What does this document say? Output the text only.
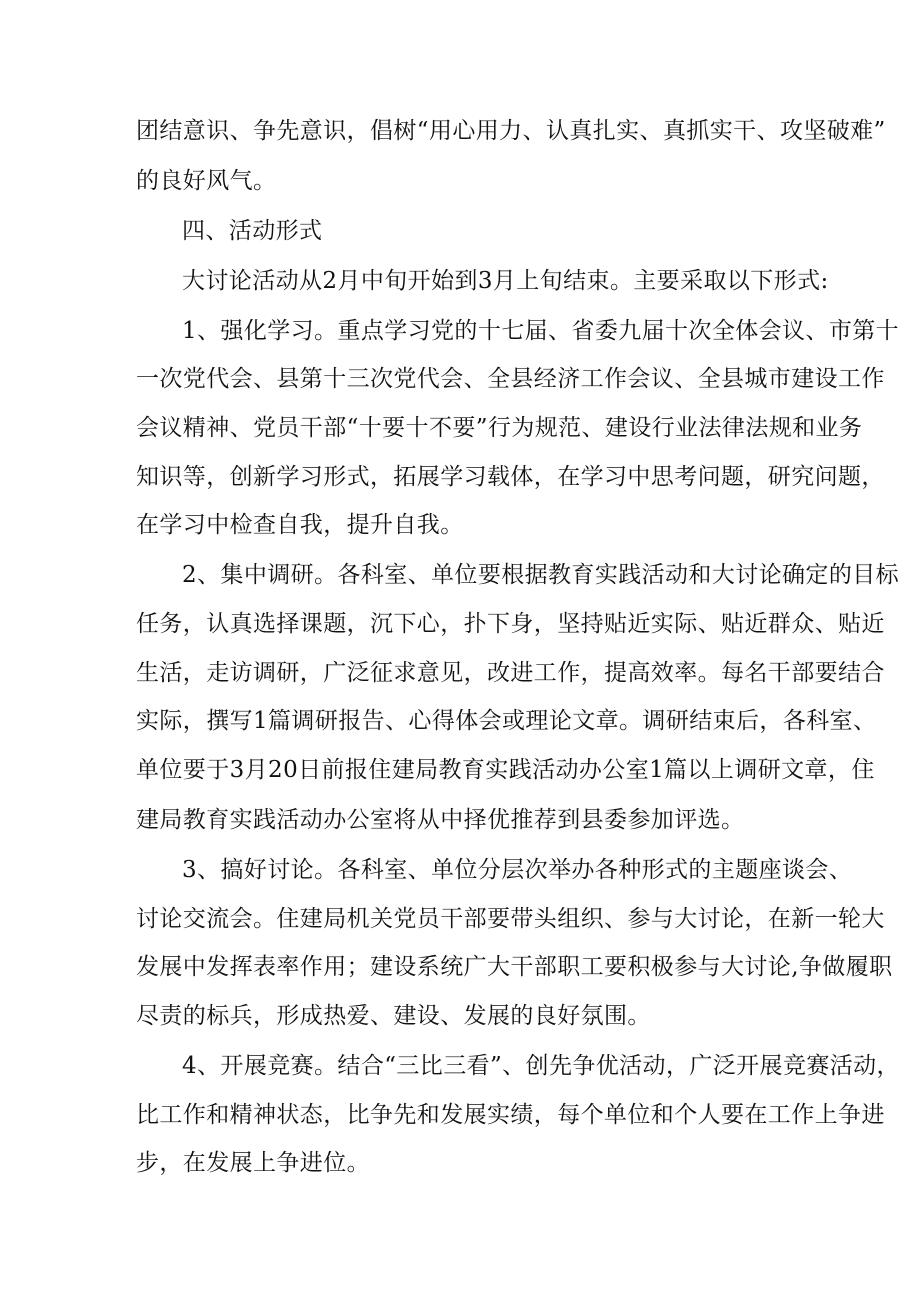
团结意识、争先意识，倡树“用心用力、认真扎实、真抓实干、攻坚破难”
的良好风气。
四、活动形式
大讨论活动从2月中旬开始到3月上旬结束。主要采取以下形式:
1、强化学习。重点学习党的十七届、省委九届十次全体会议、市第十
一次党代会、县第十三次党代会、全县经济工作会议、全县城市建设工作
会议精神、党员干部“十要十不要”行为规范、建设行业法律法规和业务
知识等，创新学习形式，拓展学习载体，在学习中思考问题，研究问题，
在学习中检查自我，提升自我。
2、集中调研。各科室、单位要根据教育实践活动和大讨论确定的目标
任务，认真选择课题，沉下心，扑下身，坚持贴近实际、贴近群众、贴近
生活，走访调研，广泛征求意见，改进工作，提高效率。每名干部要结合
实际，撰写1篇调研报告、心得体会或理论文章。调研结束后，各科室、
单位要于3月20日前报住建局教育实践活动办公室1篇以上调研文章，住
建局教育实践活动办公室将从中择优推荐到县委参加评选。
3、搞好讨论。各科室、单位分层次举办各种形式的主题座谈会、
讨论交流会。住建局机关党员干部要带头组织、参与大讨论，在新一轮大
发展中发挥表率作用；建设系统广大干部职工要积极参与大讨论,争做履职
尽责的标兵，形成热爱、建设、发展的良好氛围。
4、开展竞赛。结合“三比三看”、创先争优活动，广泛开展竞赛活动，
比工作和精神状态，比争先和发展实绩，每个单位和个人要在工作上争进
步，在发展上争进位。
